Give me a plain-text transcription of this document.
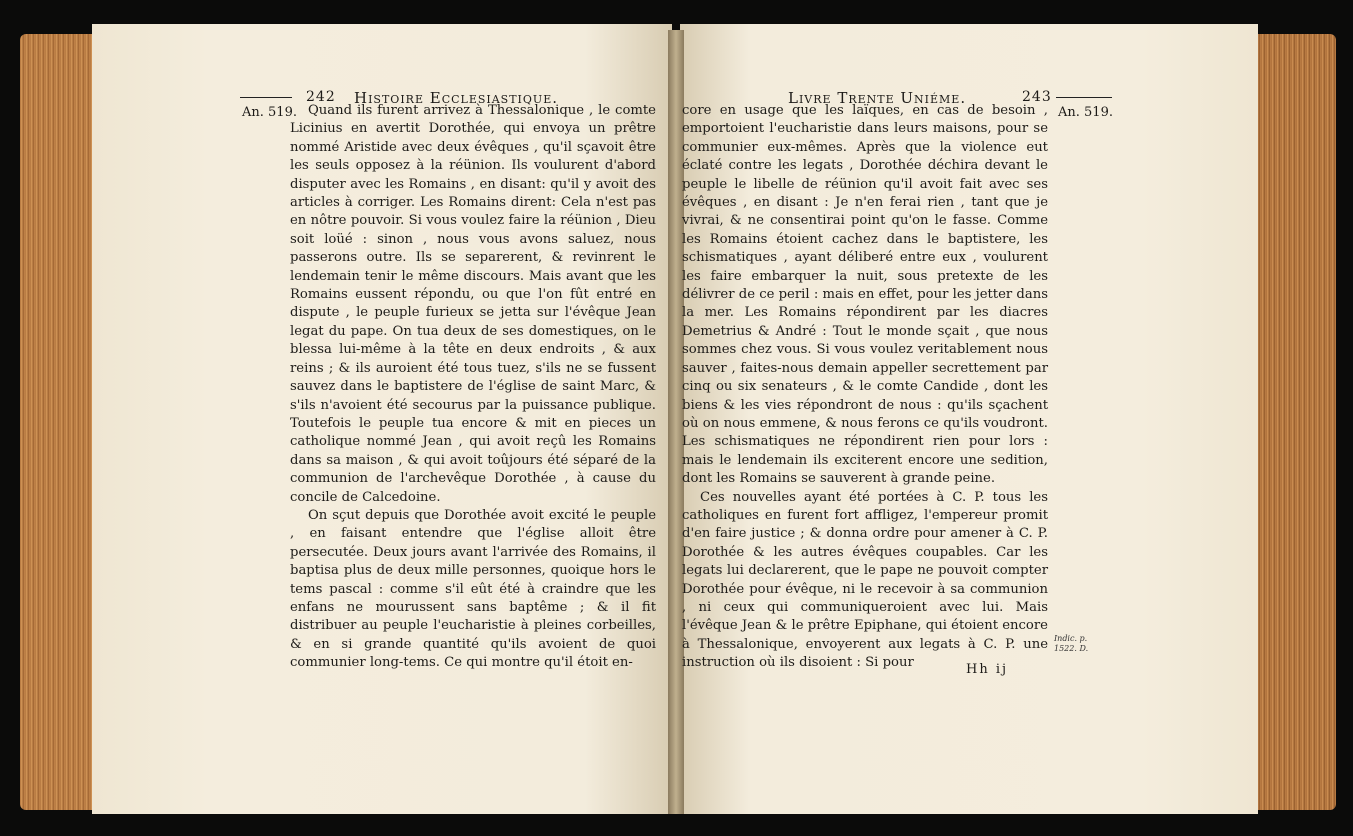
An. 519.
242 Histoire Ecclesiastique.

Quand ils furent arrivez à Thessalonique , le comte Licinius en avertit Dorothée, qui envoya un prêtre nommé Aristide avec deux évêques , qu'il sçavoit être les seuls opposez à la réünion. Ils voulurent d'abord disputer avec les Romains , en disant: qu'il y avoit des articles à corriger. Les Romains dirent: Cela n'est pas en nôtre pouvoir. Si vous voulez faire la réünion , Dieu soit loüé : sinon , nous vous avons saluez, nous passerons outre. Ils se separerent, & revinrent le lendemain tenir le même discours. Mais avant que les Romains eussent répondu, ou que l'on fût entré en dispute , le peuple furieux se jetta sur l'évêque Jean legat du pape. On tua deux de ses domestiques, on le blessa lui-même à la tête en deux endroits , & aux reins ; & ils auroient été tous tuez, s'ils ne se fussent sauvez dans le baptistere de l'église de saint Marc, & s'ils n'avoient été secourus par la puissance publique. Toutefois le peuple tua encore & mit en pieces un catholique nommé Jean , qui avoit reçû les Romains dans sa maison , & qui avoit toûjours été séparé de la communion de l'archevêque Dorothée , à cause du concile de Calcedoine.

On sçut depuis que Dorothée avoit excité le peuple , en faisant entendre que l'église alloit être persecutée. Deux jours avant l'arrivée des Romains, il baptisa plus de deux mille personnes, quoique hors le tems pascal : comme s'il eût été à craindre que les enfans ne mourussent sans baptême ; & il fit distribuer au peuple l'eucharistie à pleines corbeilles, & en si grande quantité qu'ils avoient de quoi communier long-tems. Ce qui montre qu'il étoit en-

Livre Trente Uniéme.	243
An. 519.

core en usage que les laïques, en cas de besoin , emportoient l'eucharistie dans leurs maisons, pour se communier eux-mêmes. Après que la violence eut éclaté contre les legats , Dorothée déchira devant le peuple le libelle de réünion qu'il avoit fait avec ses évêques , en disant : Je n'en ferai rien , tant que je vivrai, & ne consentirai point qu'on le fasse. Comme les Romains étoient cachez dans le baptistere, les schismatiques , ayant déliberé entre eux , voulurent les faire embarquer la nuit, sous pretexte de les délivrer de ce peril : mais en effet, pour les jetter dans la mer. Les Romains répondirent par les diacres Demetrius & André : Tout le monde sçait , que nous sommes chez vous. Si vous voulez veritablement nous sauver , faites-nous demain appeller secrettement par cinq ou six senateurs , & le comte Candide , dont les biens & les vies répondront de nous : qu'ils sçachent où on nous emmene, & nous ferons ce qu'ils voudront. Les schismatiques ne répondirent rien pour lors : mais le lendemain ils exciterent encore une sedition, dont les Romains se sauverent à grande peine.

Ces nouvelles ayant été portées à C. P. tous les catholiques en furent fort affligez, l'empereur promit d'en faire justice ; & donna ordre pour amener à C. P. Dorothée & les autres évêques coupables. Car les legats lui declarerent, que le pape ne pouvoit compter Dorothée pour évêque, ni le recevoir à sa communion , ni ceux qui communiqueroient avec lui. Mais l'évêque Jean & le prêtre Epiphane, qui étoient encore à Thessalonique, envoyerent aux legats à C. P. une instruction où ils disoient : Si pour

Indic. p. 1522. D.
Hh ij
